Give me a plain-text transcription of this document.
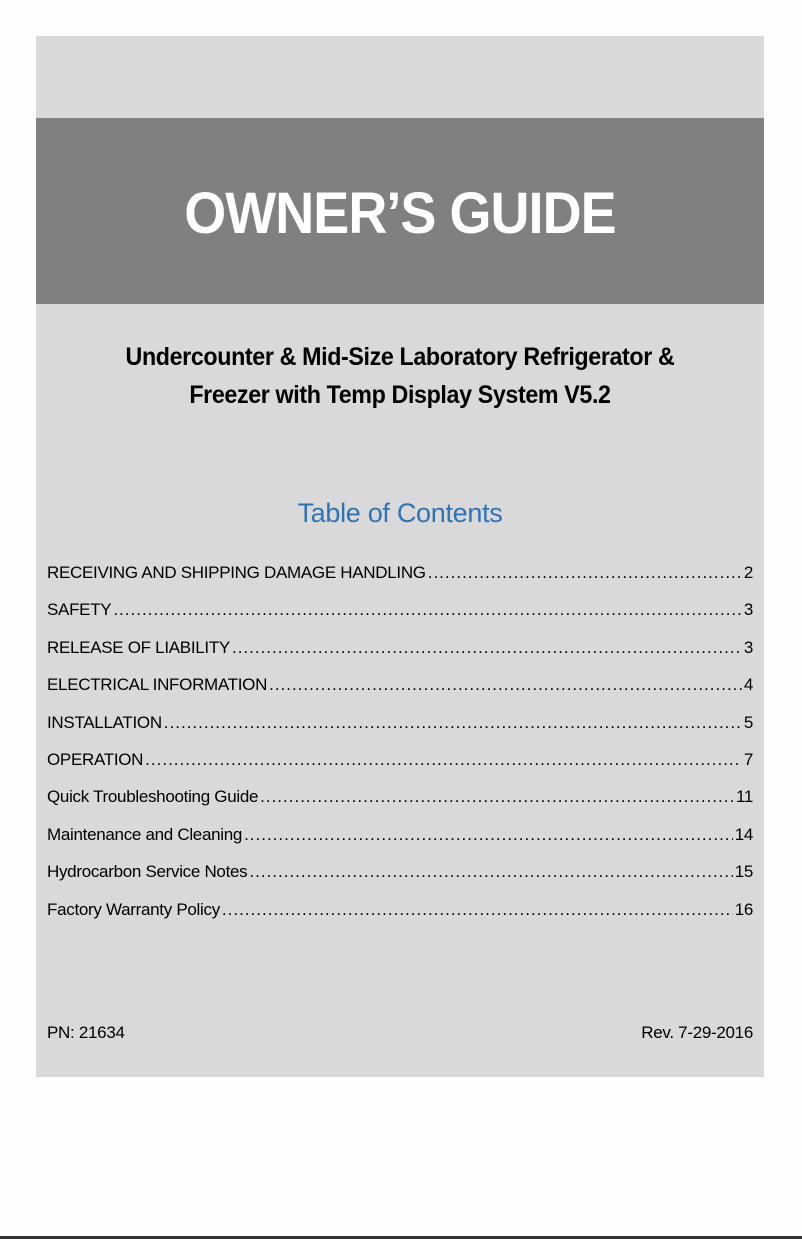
OWNER’S GUIDE
Undercounter & Mid-Size Laboratory Refrigerator &
Freezer with Temp Display System V5.2
Table of Contents
RECEIVING AND SHIPPING DAMAGE HANDLING .....	2
SAFETY .....	3
RELEASE OF LIABILITY .....	3
ELECTRICAL INFORMATION .....	4
INSTALLATION .....	5
OPERATION .....	7
Quick Troubleshooting Guide .....	11
Maintenance and Cleaning .....	14
Hydrocarbon Service Notes .....	15
Factory Warranty Policy .....	16
PN: 21634	Rev. 7-29-2016
